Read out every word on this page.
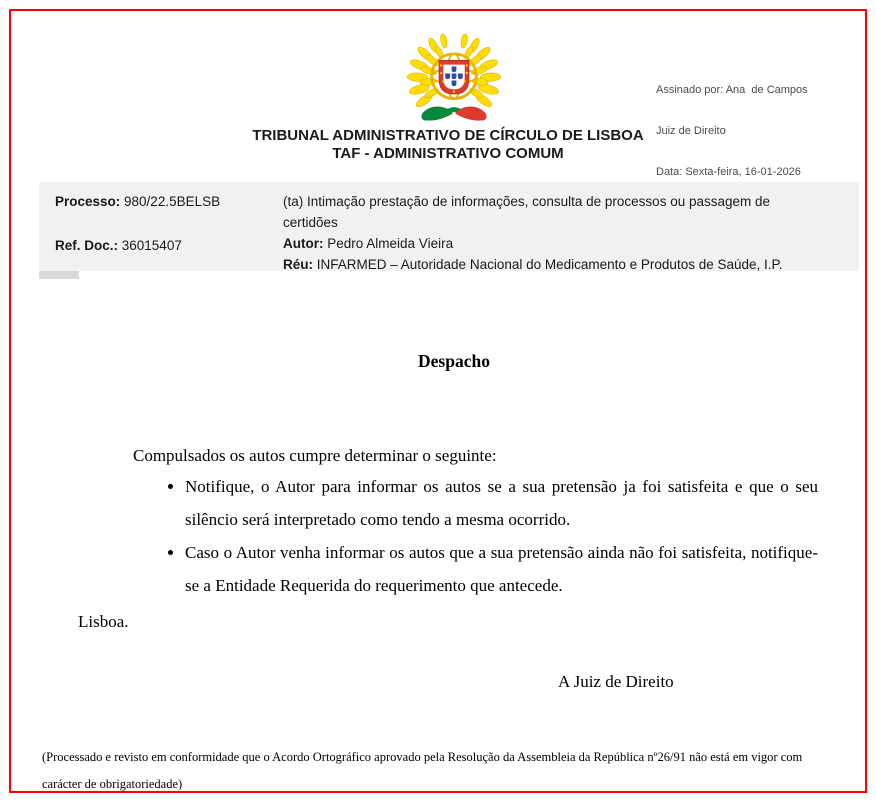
Assinado por: Ana  de Campos

Juiz de Direito

Data: Sexta-feira, 16-01-2026

TRIBUNAL ADMINISTRATIVO DE CÍRCULO DE LISBOA
TAF - ADMINISTRATIVO COMUM
Processo: 980/22.5BELSB
Ref. Doc.: 36015407
(ta) Intimação prestação de informações, consulta de processos ou passagem de certidões
Autor: Pedro Almeida Vieira
Réu: INFARMED – Autoridade Nacional do Medicamento e Produtos de Saúde, I.P.
Despacho
Compulsados os autos cumpre determinar o seguinte:
• Notifique, o Autor para informar os autos se a sua pretensão ja foi satisfeita e que o seu silêncio será interpretado como tendo a mesma ocorrido.
• Caso o Autor venha informar os autos que a sua pretensão ainda não foi satisfeita, notifique-se a Entidade Requerida do requerimento que antecede.
Lisboa.
A Juiz de Direito
(Processado e revisto em conformidade que o Acordo Ortográfico aprovado pela Resolução da Assembleia da República nº26/91 não está em vigor com carácter de obrigatoriedade)
